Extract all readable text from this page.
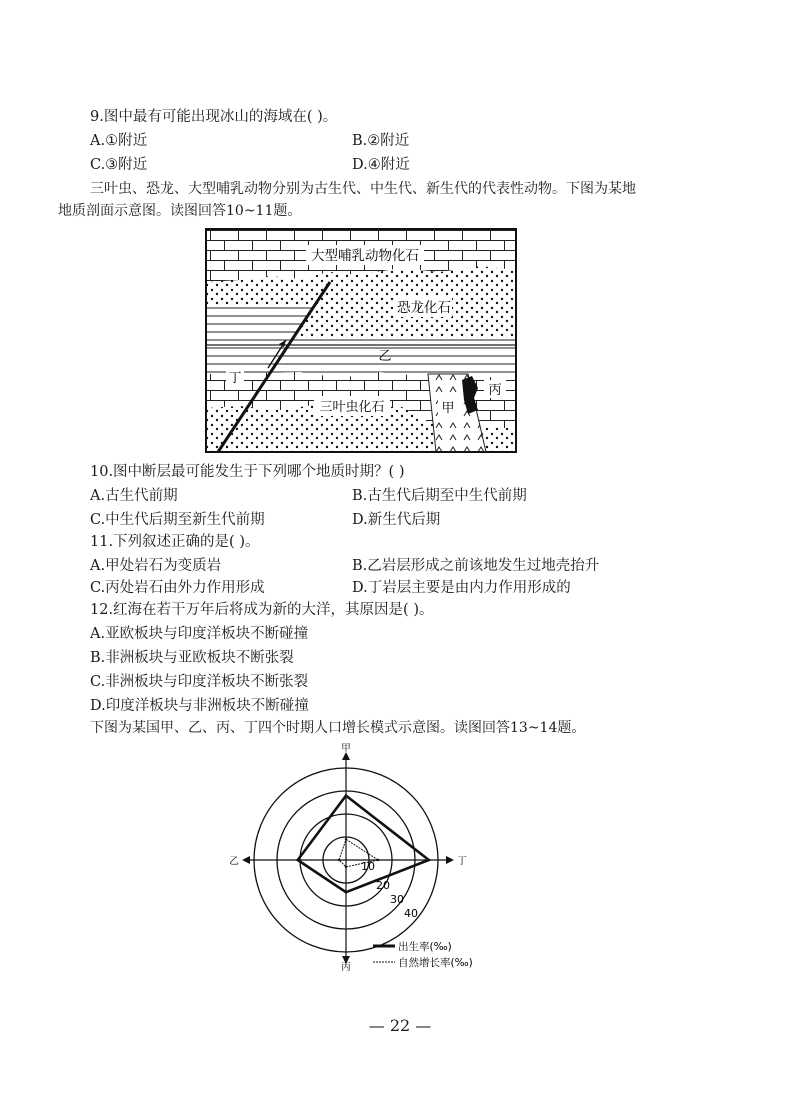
9.图中最有可能出现冰山的海域在( )。
A.①附近	B.②附近
C.③附近	D.④附近
三叶虫、恐龙、大型哺乳动物分别为古生代、中生代、新生代的代表性动物。下图为某地
地质剖面示意图。读图回答10~11题。
大型哺乳动物化石
恐龙化石
乙
丁
丙
甲
三叶虫化石
10.图中断层最可能发生于下列哪个地质时期？( )
A.古生代前期	B.古生代后期至中生代前期
C.中生代后期至新生代前期	D.新生代后期
11.下列叙述正确的是( )。
A.甲处岩石为变质岩	B.乙岩层形成之前该地发生过地壳抬升
C.丙处岩石由外力作用形成	D.丁岩层主要是由内力作用形成的
12.红海在若干万年后将成为新的大洋，其原因是( )。
A.亚欧板块与印度洋板块不断碰撞
B.非洲板块与亚欧板块不断张裂
C.非洲板块与印度洋板块不断张裂
D.印度洋板块与非洲板块不断碰撞
下图为某国甲、乙、丙、丁四个时期人口增长模式示意图。读图回答13~14题。
10
20
30
40
甲
丁
丙
乙
出生率(‰)
自然增长率(‰)
— 22 —
